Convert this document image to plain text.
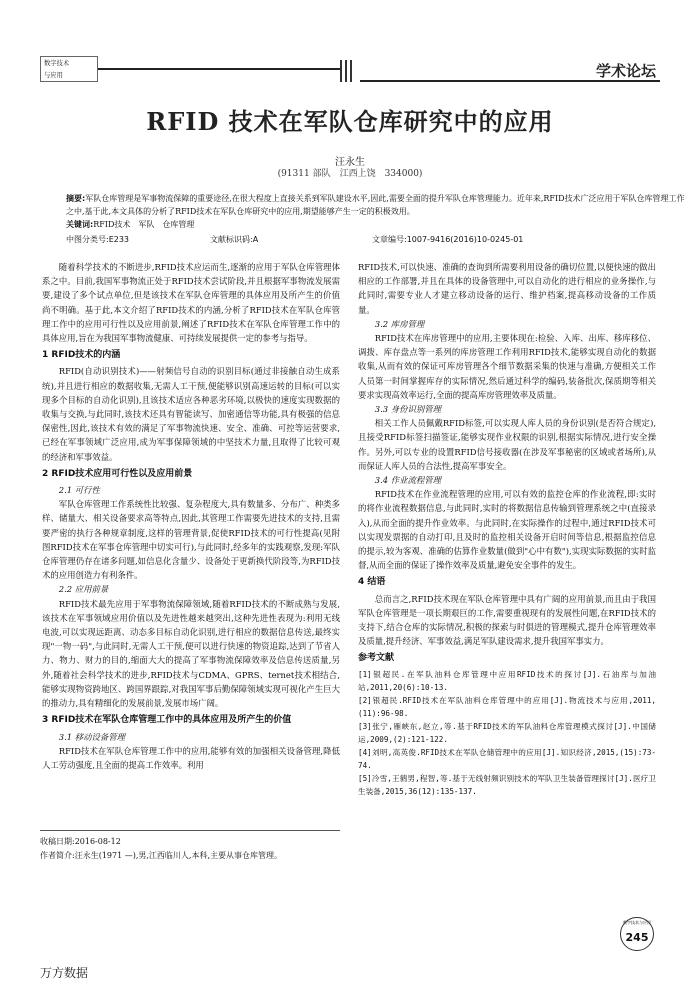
数字技术
与应用	学术论坛
RFID 技术在军队仓库研究中的应用
汪永生
(91311 部队　江西上饶　334000)
摘要:军队仓库管理是军事物流保障的重要途径,在很大程度上直接关系到军队建设水平,因此,需要全面的提升军队仓库管理能力。近年来,RFID技术广泛应用于军队仓库管理工作之中,基于此,本文具体的分析了RFID技术在军队仓库研究中的应用,期望能够产生一定的积极效用。
关键词:RFID技术　军队　仓库管理
中图分类号:E233	文献标识码:A	文章编号:1007-9416(2016)10-0245-01

随着科学技术的不断进步,RFID技术应运而生,逐渐的应用于军队仓库管理体系之中。目前,我国军事物流正处于RFID技术尝试阶段,并且根据军事物流发展需要,建设了多个试点单位,但是该技术在军队仓库管理的具体应用及所产生的价值尚不明确。基于此,本文介绍了RFID技术的内涵,分析了RFID技术在军队仓库管理工作中的应用可行性以及应用前景,阐述了RFID技术在军队仓库管理工作中的具体应用,旨在为我国军事物流健康、可持续发展提供一定的参考与指导。

1 RFID技术的内涵

RFID(自动识别技术)——射频信号自动的识别目标(通过非接触自动生成系统),并且进行相应的数据收集,无需人工干预,便能够识别高速运转的目标(可以实现多个目标的自动化识别),且该技术适应各种恶劣环境,以极快的速度实现数据的收集与交换,与此同时,该技术还具有智能读写、加密通信等功能,具有极强的信息保密性,因此,该技术有效的满足了军事物流快速、安全、准确、可控等运营要求,已经在军事领域广泛应用,成为军事保障领域的中坚技术力量,且取得了比较可观的经济和军事效益。

2 RFID技术应用可行性以及应用前景
2.1 可行性

军队仓库管理工作系统性比较强、复杂程度大,具有数量多、分布广、种类多样、储量大、相关设备要求高等特点,因此,其管理工作需要先进技术的支持,且需要严密的执行各种规章制度,这样的管理背景,促使RFID技术的可行性提高(见附图RFID技术在军事仓库管理中切实可行),与此同时,经多年的实践观察,发现:军队仓库管理仍存在诸多问题,如信息化含量少、设备处于更新换代阶段等,为RFID技术的应用创造力有利条件。

2.2 应用前景

RFID技术最先应用于军事物流保障领域,随着RFID技术的不断成熟与发展,该技术在军事领域应用价值以及先进性越来越突出,这种先进性表现为:利用无线电波,可以实现远距离、动态多目标自动化识别,进行相应的数据信息传送,最终实现"一物一码",与此同时,无需人工干预,便可以进行快速的物资追踪,达到了节省人力、物力、财力的目的,缩面大大的提高了军事物流保障效率及信息传送质量,另外,随着社会科学技术的进步,RFID技术与CDMA、GPRS、ternet技术相结合,能够实现物资跨地区、跨国界跟踪,对我国军事后勤保障领域实现可视化产生巨大的推动力,具有精细化的发展前景,发展市场广阔。

3 RFID技术在军队仓库管理工作中的具体应用及所产生的价值
3.1 移动设备管理

RFID技术在军队仓库管理工作中的应用,能够有效的加强相关设备管理,降低人工劳动强度,且全面的提高工作效率。利用

RFID技术,可以快速、准确的查询到所需要利用设备的确切位置,以便快速的做出相应的工作部署,并且在具体的设备管理中,可以自动化的进行相应的业务操作,与此同时,需要专业人才建立移动设备的运行、维护档案,提高移动设备的工作质量。

3.2 库房管理

RFID技术在库房管理中的应用,主要体现在:检验、入库、出库、移库移位、调拨、库存盘点等一系列的库房管理工作利用RFID技术,能够实现自动化的数据收集,从而有效的保证可库房管理各个细节数据采集的快速与准确,方便相关工作人员第一时间掌握库存的实际情况,然后通过科学的编码,装备批次,保质期等相关要求实现高效率运行,全面的提高库房管理效率及质量。

3.3 身份识别管理

相关工作人员佩戴RFID标签,可以实现人库人员的身份识别(是否符合规定),且接受RFID标签扫描签证,能够实现作业权限的识别,根据实际情况,进行安全操作。另外,可以专业的设置RFID信号接收器(在涉及军事秘密的区域或者场所),从而保证人库人员的合法性,提高军事安全。

3.4 作业流程管理

RFID技术在作业流程管理的应用,可以有效的监控仓库的作业流程,即:实时的将作业流程数据信息,与此同时,实时的将数据信息传输到管理系统之中(直接录入),从而全面的提升作业效率。与此同时,在实际操作的过程中,通过RFID技术可以实现发票据的自动打印,且及时的监控相关设备开启时间等信息,根据监控信息的提示,较为客观、准确的估算作业数量(做到"心中有数"),实现实际数据的实时监督,从而全面的保证了操作效率及质量,避免安全事件的发生。

4 结语

总而言之,RFID技术现在军队仓库管理中具有广阔的应用前景,而且由于我国军队仓库管理是一项长期艰巨的工作,需要重视现有的发展性问题,在RFID技术的支持下,结合仓库的实际情况,积极的探索与时俱进的管理模式,提升仓库管理效率及质量,提升经济、军事效益,满足军队建设需求,提升我国军事实力。

参考文献
[1]银超民.在军队油料仓库管理中应用RFID技术的探讨[J].石油库与加油站,2011,20(6):10-13.
[2]银超民.RFID技术在军队油料仓库管理中的应用[J].物流技术与应用,2011,(11):96-98.
[3]张宁,雁峡东,赵立,等.基于RFID技术的军队油料仓库管理模式探讨[J].中国储运,2009,(2):121-122.
[4]刘明,高英俊.RFID技术在军队仓储管理中的应用[J].知识经济,2015,(15):73-74.
[5]冷雪,王鹤男,程智,等.基于无线射频识别技术的军队卫生装备管理探讨[J].医疗卫生装备,2015,36(12):135-137.
收稿日期:2016-08-12
作者简介:汪永生(1971 —),男,江西临川人,本科,主要从事仓库管理。
数字技术与应用
245
万方数据
